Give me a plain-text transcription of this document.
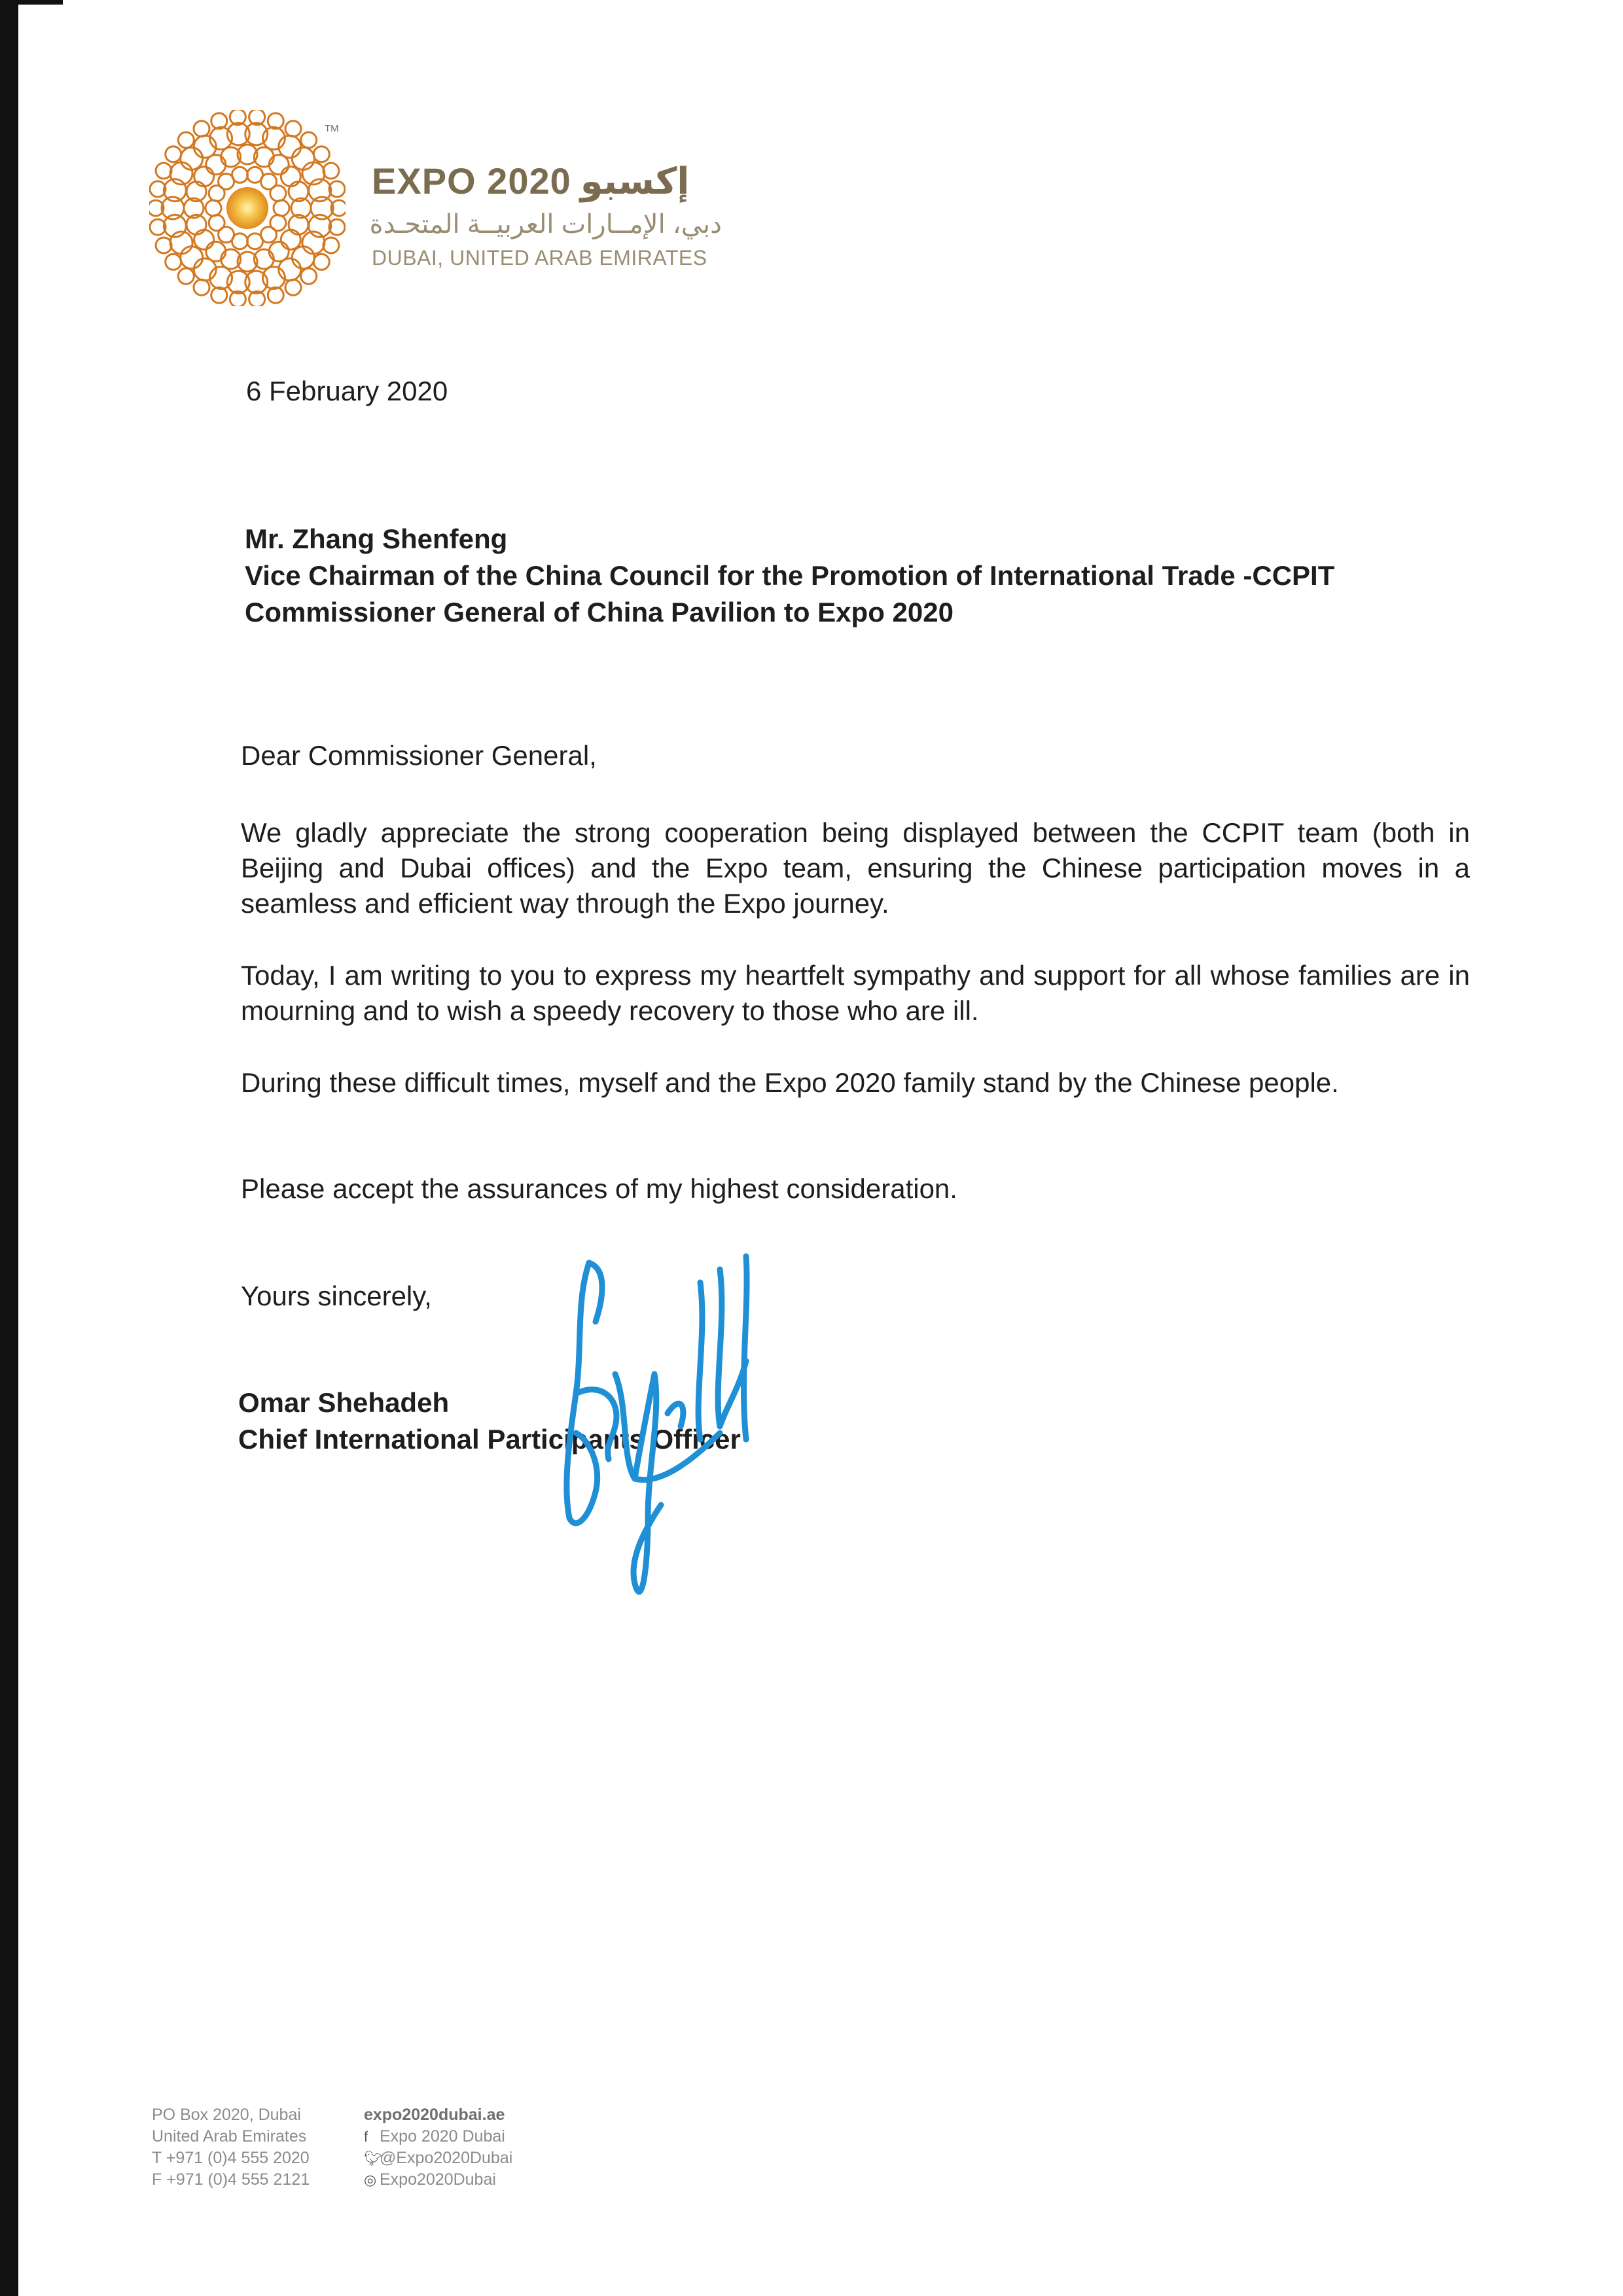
TM
EXPO 2020 إكسبو
دبي، الإمــارات العربيــة المتحـدة
DUBAI, UNITED ARAB EMIRATES
6 February 2020
Mr. Zhang Shenfeng
Vice Chairman of the China Council for the Promotion of International Trade -CCPIT
Commissioner General of China Pavilion to Expo 2020
Dear Commissioner General,
We gladly appreciate the strong cooperation being displayed between the CCPIT team (both in Beijing and Dubai offices) and the Expo team, ensuring the Chinese participation moves in a seamless and efficient way through the Expo journey.
Today, I am writing to you to express my heartfelt sympathy and support for all whose families are in mourning and to wish a speedy recovery to those who are ill.
During these difficult times, myself and the Expo 2020 family stand by the Chinese people.
Please accept the assurances of my highest consideration.
Yours sincerely,
Omar Shehadeh
Chief International Participants Officer
PO Box 2020, Dubai
United Arab Emirates
T +971 (0)4 555 2020
F +971 (0)4 555 2121
expo2020dubai.ae
f Expo 2020 Dubai
🐦︎@Expo2020Dubai
◎ Expo2020Dubai
